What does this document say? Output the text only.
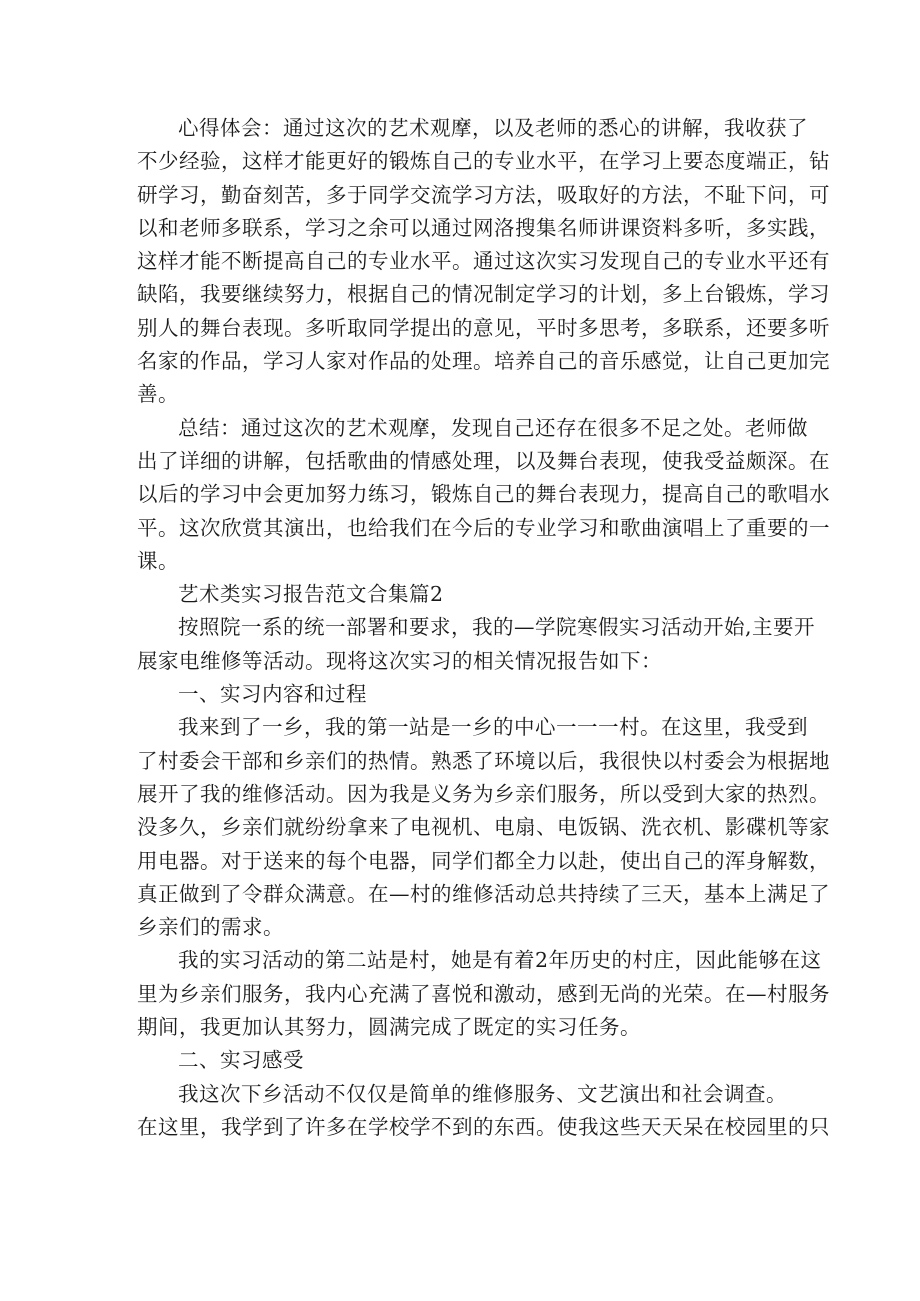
心得体会：通过这次的艺术观摩，以及老师的悉心的讲解，我收获了
不少经验，这样才能更好的锻炼自己的专业水平，在学习上要态度端正，钻
研学习，勤奋刻苦，多于同学交流学习方法，吸取好的方法，不耻下问，可
以和老师多联系，学习之余可以通过网洛搜集名师讲课资料多听，多实践，
这样才能不断提高自己的专业水平。通过这次实习发现自己的专业水平还有
缺陷，我要继续努力，根据自己的情况制定学习的计划，多上台锻炼，学习
别人的舞台表现。多听取同学提出的意见，平时多思考，多联系，还要多听
名家的作品，学习人家对作品的处理。培养自己的音乐感觉，让自己更加完
善。

总结：通过这次的艺术观摩，发现自己还存在很多不足之处。老师做
出了详细的讲解，包括歌曲的情感处理，以及舞台表现，使我受益颇深。在
以后的学习中会更加努力练习，锻炼自己的舞台表现力，提高自己的歌唱水
平。这次欣赏其演出，也给我们在今后的专业学习和歌曲演唱上了重要的一
课。

艺术类实习报告范文合集篇2

按照院一系的统一部署和要求，我的—学院寒假实习活动开始,主要开
展家电维修等活动。现将这次实习的相关情况报告如下：

一、实习内容和过程

我来到了一乡，我的第一站是一乡的中心一一一村。在这里，我受到
了村委会干部和乡亲们的热情。熟悉了环境以后，我很快以村委会为根据地
展开了我的维修活动。因为我是义务为乡亲们服务，所以受到大家的热烈。
没多久，乡亲们就纷纷拿来了电视机、电扇、电饭锅、洗衣机、影碟机等家
用电器。对于送来的每个电器，同学们都全力以赴，使出自己的浑身解数，
真正做到了令群众满意。在—村的维修活动总共持续了三天，基本上满足了
乡亲们的需求。

我的实习活动的第二站是村，她是有着2年历史的村庄，因此能够在这
里为乡亲们服务，我内心充满了喜悦和激动，感到无尚的光荣。在—村服务
期间，我更加认其努力，圆满完成了既定的实习任务。

二、实习感受

我这次下乡活动不仅仅是简单的维修服务、文艺演出和社会调查。
在这里，我学到了许多在学校学不到的东西。使我这些天天呆在校园里的只
